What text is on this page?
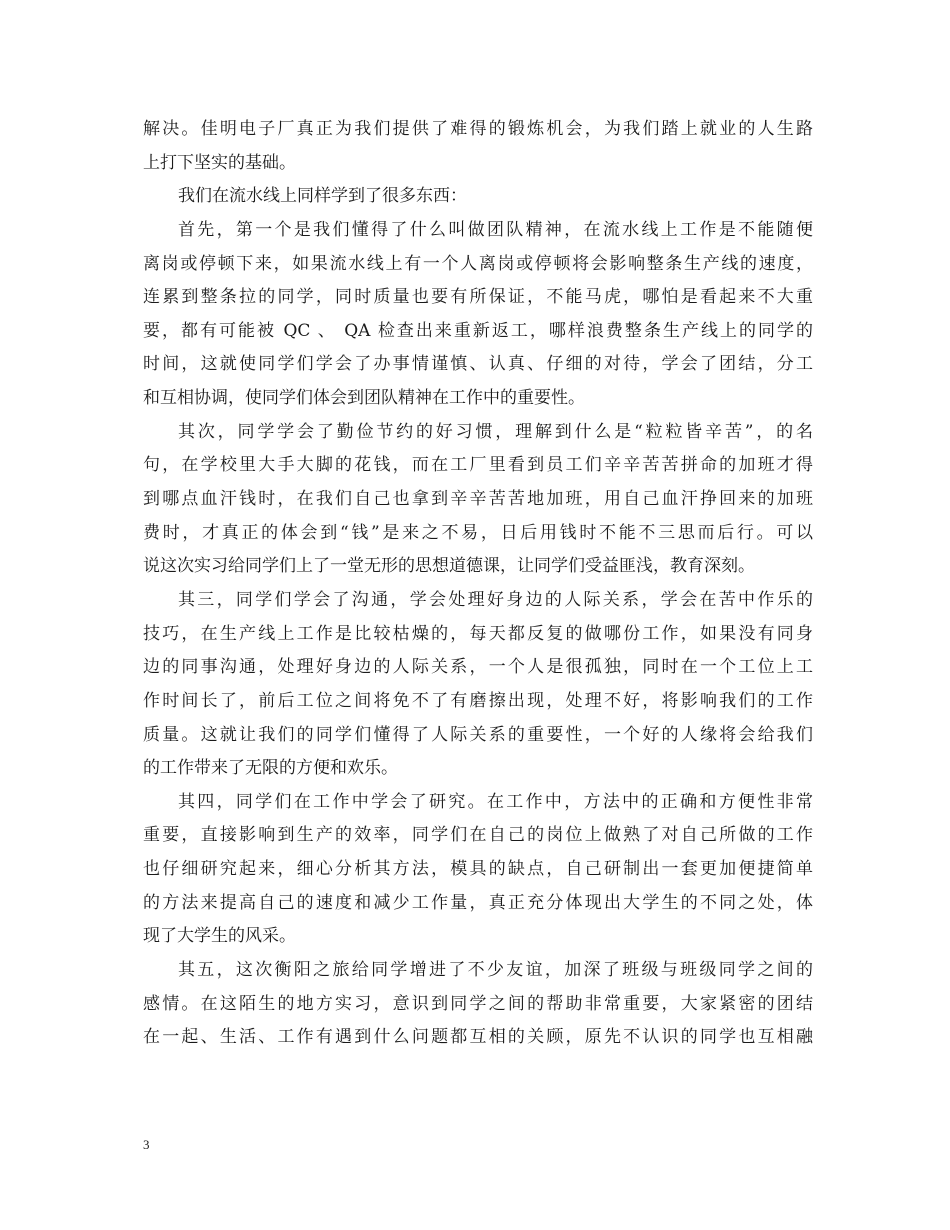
解决。佳明电子厂真正为我们提供了难得的锻炼机会，为我们踏上就业的人生路
上打下坚实的基础。
我们在流水线上同样学到了很多东西：
首先，第一个是我们懂得了什么叫做团队精神，在流水线上工作是不能随便
离岗或停顿下来，如果流水线上有一个人离岗或停顿将会影响整条生产线的速度，
连累到整条拉的同学，同时质量也要有所保证，不能马虎，哪怕是看起来不大重
要，都有可能被 QC 、 QA 检查出来重新返工，哪样浪费整条生产线上的同学的
时间，这就使同学们学会了办事情谨慎、认真、仔细的对待，学会了团结，分工
和互相协调，使同学们体会到团队精神在工作中的重要性。
其次，同学学会了勤俭节约的好习惯，理解到什么是“粒粒皆辛苦”，的名
句，在学校里大手大脚的花钱，而在工厂里看到员工们辛辛苦苦拼命的加班才得
到哪点血汗钱时，在我们自己也拿到辛辛苦苦地加班，用自己血汗挣回来的加班
费时，才真正的体会到“钱”是来之不易，日后用钱时不能不三思而后行。可以
说这次实习给同学们上了一堂无形的思想道德课，让同学们受益匪浅，教育深刻。
其三，同学们学会了沟通，学会处理好身边的人际关系，学会在苦中作乐的
技巧，在生产线上工作是比较枯燥的，每天都反复的做哪份工作，如果没有同身
边的同事沟通，处理好身边的人际关系，一个人是很孤独，同时在一个工位上工
作时间长了，前后工位之间将免不了有磨擦出现，处理不好，将影响我们的工作
质量。这就让我们的同学们懂得了人际关系的重要性，一个好的人缘将会给我们
的工作带来了无限的方便和欢乐。
其四，同学们在工作中学会了研究。在工作中，方法中的正确和方便性非常
重要，直接影响到生产的效率，同学们在自己的岗位上做熟了对自己所做的工作
也仔细研究起来，细心分析其方法，模具的缺点，自己研制出一套更加便捷简单
的方法来提高自己的速度和减少工作量，真正充分体现出大学生的不同之处，体
现了大学生的风采。
其五，这次衡阳之旅给同学增进了不少友谊，加深了班级与班级同学之间的
感情。在这陌生的地方实习，意识到同学之间的帮助非常重要，大家紧密的团结
在一起、生活、工作有遇到什么问题都互相的关顾，原先不认识的同学也互相融
3
